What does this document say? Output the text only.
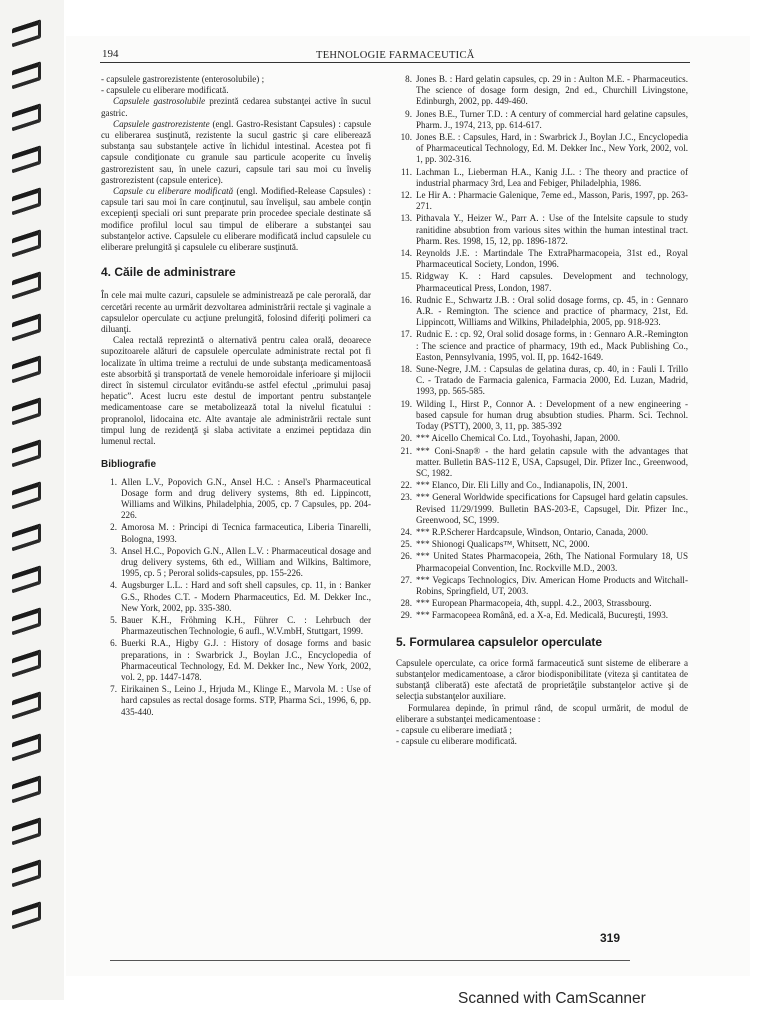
194	TEHNOLOGIE FARMACEUTICĂ

- capsulele gastrorezistente (enterosolubile) ;

- capsulele cu eliberare modificată.

Capsulele gastrosolubile prezintă cedarea substanţei active în sucul gastric.

Capsulele gastrorezistente (engl. Gastro-Resistant Capsules) : capsule cu eliberarea susţinută, rezistente la sucul gastric şi care eliberează substanţa sau substanţele active în lichidul intestinal. Acestea pot fi capsule condiţionate cu granule sau particule acoperite cu înveliş gastrorezistent sau, în unele cazuri, capsule tari sau moi cu înveliş gastrorezistent (capsule enterice).

Capsule cu eliberare modificată (engl. Modified-Release Capsules) : capsule tari sau moi în care conţinutul, sau învelişul, sau ambele conţin excepienţi speciali ori sunt preparate prin procedee speciale destinate să modifice profilul locul sau timpul de eliberare a substanţei sau substanţelor active. Capsulele cu eliberare modificată includ capsulele cu eliberare prelungită şi capsulele cu eliberare susţinută.

4. Căile de administrare

În cele mai multe cazuri, capsulele se administrează pe cale perorală, dar cercetări recente au urmărit dezvoltarea administrării rectale şi vaginale a capsulelor operculate cu acţiune prelungită, folosind diferiţi polimeri ca diluanţi.

Calea rectală reprezintă o alternativă pentru calea orală, deoarece supozitoarele alături de capsulele operculate administrate rectal pot fi localizate în ultima treime a rectului de unde substanţa medicamentoasă este absorbită şi transportată de venele hemoroidale inferioare şi mijlocii direct în sistemul circulator evitându-se astfel efectul „primului pasaj hepatic”. Acest lucru este destul de important pentru substanţele medicamentoase care se metabolizează total la nivelul ficatului : propranolol, lidocaina etc. Alte avantaje ale administrării rectale sunt timpul lung de rezidenţă şi slaba activitate a enzimei peptidaza din lumenul rectal.

Bibliografie

1. Allen L.V., Popovich G.N., Ansel H.C. : Ansel's Pharmaceutical Dosage form and drug delivery systems, 8th ed. Lippincott, Williams and Wilkins, Philadelphia, 2005, cp. 7 Capsules, pp. 204-226.
2. Amorosa M. : Principi di Tecnica farmaceutica, Liberia Tinarelli, Bologna, 1993.
3. Ansel H.C., Popovich G.N., Allen L.V. : Pharmaceutical dosage and drug delivery systems, 6th ed., William and Wilkins, Baltimore, 1995, cp. 5 ; Peroral solids-capsules, pp. 155-226.
4. Augsburger L.L. : Hard and soft shell capsules, cp. 11, in : Banker G.S., Rhodes C.T. - Modern Pharmaceutics, Ed. M. Dekker Inc., New York, 2002, pp. 335-380.
5. Bauer K.H., Fröhming K.H., Führer C. : Lehrbuch der Pharmazeutischen Technologie, 6 aufl., W.V.mbH, Stuttgart, 1999.
6. Buerki R.A., Higby G.J. : History of dosage forms and basic preparations, in : Swarbrick J., Boylan J.C., Encyclopedia of Pharmaceutical Technology, Ed. M. Dekker Inc., New York, 2002, vol. 2, pp. 1447-1478.
7. Eirikainen S., Leino J., Hrjuda M., Klinge E., Marvola M. : Use of hard capsules as rectal dosage forms. STP, Pharma Sci., 1996, 6, pp. 435-440.
8. Jones B. : Hard gelatin capsules, cp. 29 in : Aulton M.E. - Pharmaceutics. The science of dosage form design, 2nd ed., Churchill Livingstone, Edinburgh, 2002, pp. 449-460.
9. Jones B.E., Turner T.D. : A century of commercial hard gelatine capsules, Pharm. J., 1974, 213, pp. 614-617.
10. Jones B.E. : Capsules, Hard, in : Swarbrick J., Boylan J.C., Encyclopedia of Pharmaceutical Technology, Ed. M. Dekker Inc., New York, 2002, vol. 1, pp. 302-316.
11. Lachman L., Lieberman H.A., Kanig J.L. : The theory and practice of industrial pharmacy 3rd, Lea and Febiger, Philadelphia, 1986.
12. Le Hir A. : Pharmacie Galenique, 7eme ed., Masson, Paris, 1997, pp. 263-271.
13. Pithavala Y., Heizer W., Parr A. : Use of the Intelsite capsule to study ranitidine absubtion from various sites within the human intestinal tract. Pharm. Res. 1998, 15, 12, pp. 1896-1872.
14. Reynolds J.E. : Martindale The ExtraPharmacopeia, 31st ed., Royal Pharmaceutical Society, London, 1996.
15. Ridgway K. : Hard capsules. Development and technology, Pharmaceutical Press, London, 1987.
16. Rudnic E., Schwartz J.B. : Oral solid dosage forms, cp. 45, in : Gennaro A.R. - Remington. The science and practice of pharmacy, 21st, Ed. Lippincott, Williams and Wilkins, Philadelphia, 2005, pp. 918-923.
17. Rudnic E. : cp. 92, Oral solid dosage forms, in : Gennaro A.R.-Remington : The science and practice of pharmacy, 19th ed., Mack Publishing Co., Easton, Pennsylvania, 1995, vol. II, pp. 1642-1649.
18. Sune-Negre, J.M. : Capsulas de gelatina duras, cp. 40, in : Fauli I. Trillo C. - Tratado de Farmacia galenica, Farmacia 2000, Ed. Luzan, Madrid, 1993, pp. 565-585.
19. Wilding I., Hirst P., Connor A. : Development of a new engineering - based capsule for human drug absubtion studies. Pharm. Sci. Technol. Today (PSTT), 2000, 3, 11, pp. 385-392
20. *** Aicello Chemical Co. Ltd., Toyohashi, Japan, 2000.
21. *** Coni-Snap® - the hard gelatin capsule with the advantages that matter. Bulletin BAS-112 E, USA, Capsugel, Dir. Pfizer Inc., Greenwood, SC, 1982.
22. *** Elanco, Dir. Eli Lilly and Co., Indianapolis, IN, 2001.
23. *** General Worldwide specifications for Capsugel hard gelatin capsules. Revised 11/29/1999. Bulletin BAS-203-E, Capsugel, Dir. Pfizer Inc., Greenwood, SC, 1999.
24. *** R.P.Scherer Hardcapsule, Windson, Ontario, Canada, 2000.
25. *** Shionogi Qualicaps™, Whitsett, NC, 2000.
26. *** United States Pharmacopeia, 26th, The National Formulary 18, US Pharmacopeial Convention, Inc. Rockville M.D., 2003.
27. *** Vegicaps Technologics, Div. American Home Products and Witchall-Robins, Springfield, UT, 2003.
28. *** European Pharmacopeia, 4th, suppl. 4.2., 2003, Strassbourg.
29. *** Farmacopeea Română, ed. a X-a, Ed. Medicală, Bucureşti, 1993.

5. Formularea capsulelor operculate

Capsulele operculate, ca orice formă farmaceutică sunt sisteme de eliberare a substanţelor medicamentoase, a căror biodisponibilitate (viteza şi cantitatea de substanţă cliberată) este afectată de proprietăţile substanţelor active şi de selecţia substanţelor auxiliare.

Formularea depinde, în primul rând, de scopul urmărit, de modul de eliberare a substanţei medicamentoase :

- capsule cu eliberare imediată ;

- capsule cu eliberare modificată.

319
Scanned with CamScanner
